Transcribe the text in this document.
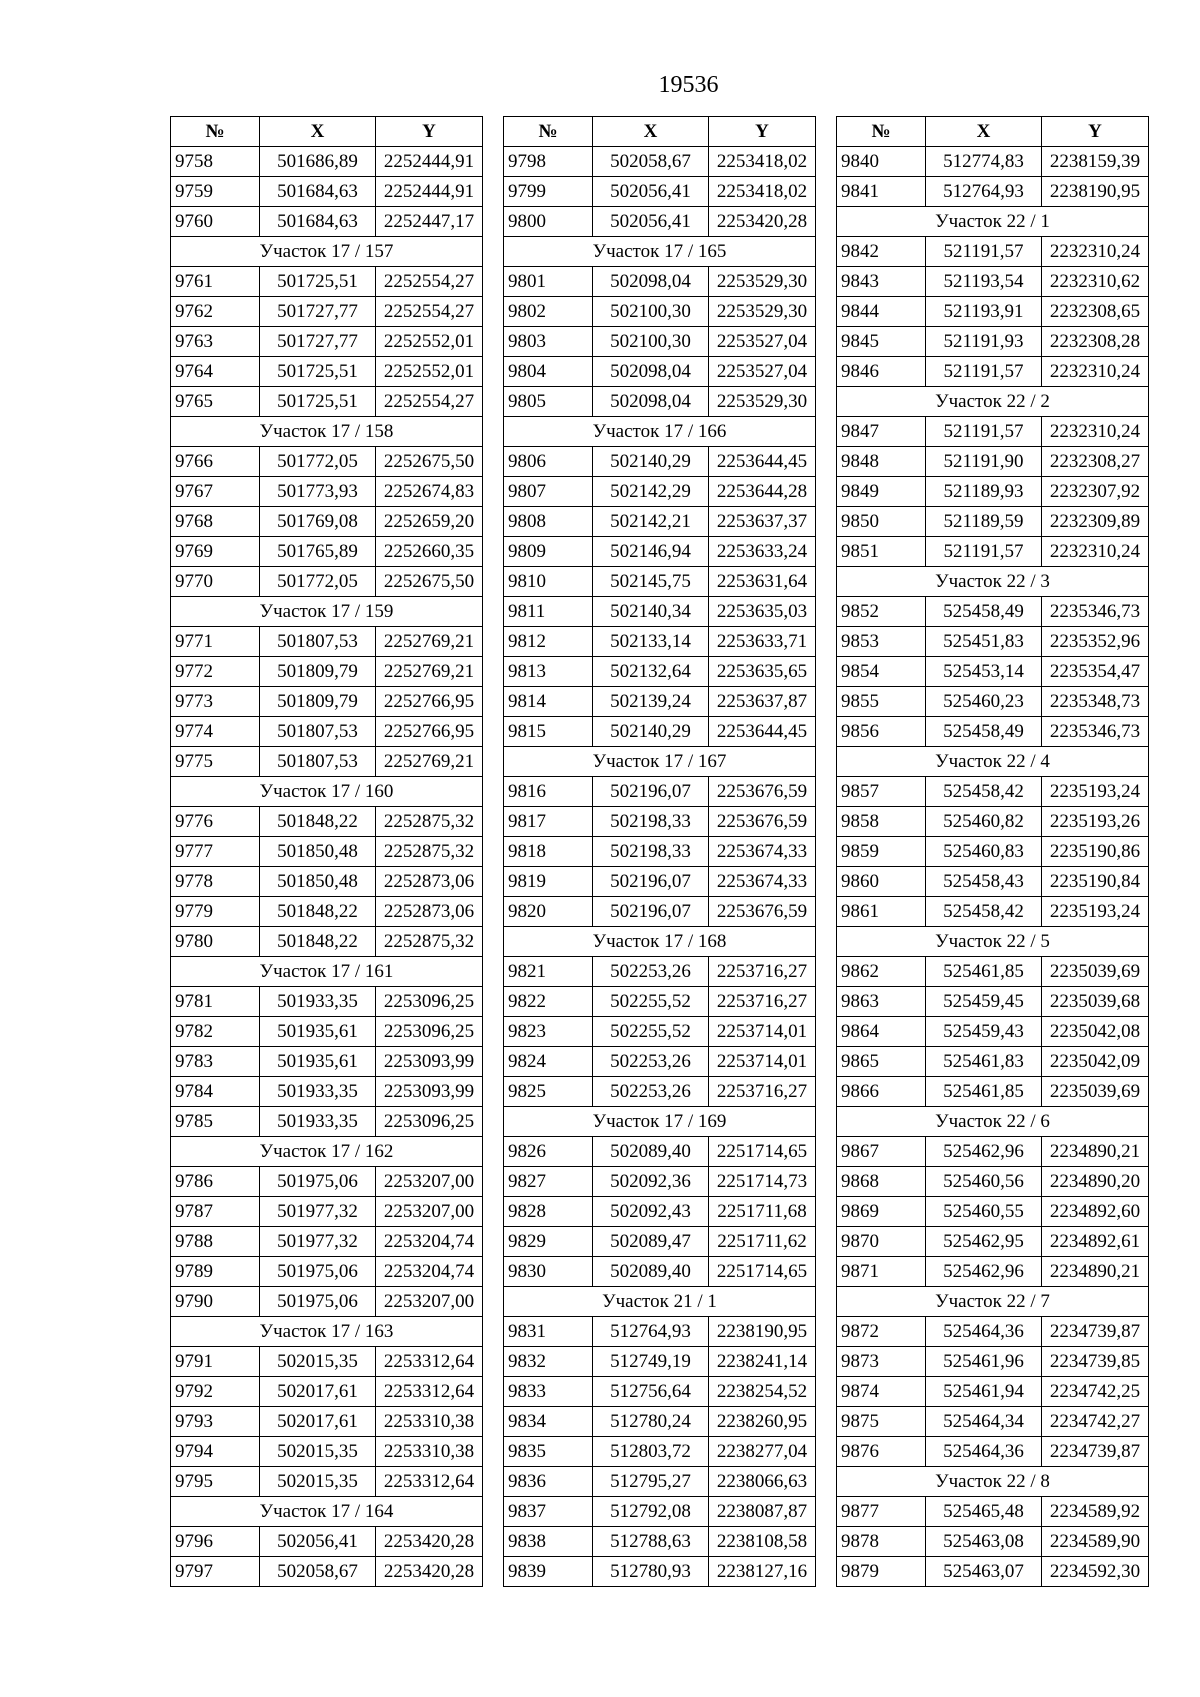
19536
№	X	Y
9758	501686,89	2252444,91
9759	501684,63	2252444,91
9760	501684,63	2252447,17
Участок 17 / 157		
9761	501725,51	2252554,27
9762	501727,77	2252554,27
9763	501727,77	2252552,01
9764	501725,51	2252552,01
9765	501725,51	2252554,27
Участок 17 / 158		
9766	501772,05	2252675,50
9767	501773,93	2252674,83
9768	501769,08	2252659,20
9769	501765,89	2252660,35
9770	501772,05	2252675,50
Участок 17 / 159		
9771	501807,53	2252769,21
9772	501809,79	2252769,21
9773	501809,79	2252766,95
9774	501807,53	2252766,95
9775	501807,53	2252769,21
Участок 17 / 160		
9776	501848,22	2252875,32
9777	501850,48	2252875,32
9778	501850,48	2252873,06
9779	501848,22	2252873,06
9780	501848,22	2252875,32
Участок 17 / 161		
9781	501933,35	2253096,25
9782	501935,61	2253096,25
9783	501935,61	2253093,99
9784	501933,35	2253093,99
9785	501933,35	2253096,25
Участок 17 / 162		
9786	501975,06	2253207,00
9787	501977,32	2253207,00
9788	501977,32	2253204,74
9789	501975,06	2253204,74
9790	501975,06	2253207,00
Участок 17 / 163		
9791	502015,35	2253312,64
9792	502017,61	2253312,64
9793	502017,61	2253310,38
9794	502015,35	2253310,38
9795	502015,35	2253312,64
Участок 17 / 164		
9796	502056,41	2253420,28
9797	502058,67	2253420,28
№	X	Y
9798	502058,67	2253418,02
9799	502056,41	2253418,02
9800	502056,41	2253420,28
Участок 17 / 165		
9801	502098,04	2253529,30
9802	502100,30	2253529,30
9803	502100,30	2253527,04
9804	502098,04	2253527,04
9805	502098,04	2253529,30
Участок 17 / 166		
9806	502140,29	2253644,45
9807	502142,29	2253644,28
9808	502142,21	2253637,37
9809	502146,94	2253633,24
9810	502145,75	2253631,64
9811	502140,34	2253635,03
9812	502133,14	2253633,71
9813	502132,64	2253635,65
9814	502139,24	2253637,87
9815	502140,29	2253644,45
Участок 17 / 167		
9816	502196,07	2253676,59
9817	502198,33	2253676,59
9818	502198,33	2253674,33
9819	502196,07	2253674,33
9820	502196,07	2253676,59
Участок 17 / 168		
9821	502253,26	2253716,27
9822	502255,52	2253716,27
9823	502255,52	2253714,01
9824	502253,26	2253714,01
9825	502253,26	2253716,27
Участок 17 / 169		
9826	502089,40	2251714,65
9827	502092,36	2251714,73
9828	502092,43	2251711,68
9829	502089,47	2251711,62
9830	502089,40	2251714,65
Участок 21 / 1		
9831	512764,93	2238190,95
9832	512749,19	2238241,14
9833	512756,64	2238254,52
9834	512780,24	2238260,95
9835	512803,72	2238277,04
9836	512795,27	2238066,63
9837	512792,08	2238087,87
9838	512788,63	2238108,58
9839	512780,93	2238127,16
№	X	Y
9840	512774,83	2238159,39
9841	512764,93	2238190,95
Участок 22 / 1		
9842	521191,57	2232310,24
9843	521193,54	2232310,62
9844	521193,91	2232308,65
9845	521191,93	2232308,28
9846	521191,57	2232310,24
Участок 22 / 2		
9847	521191,57	2232310,24
9848	521191,90	2232308,27
9849	521189,93	2232307,92
9850	521189,59	2232309,89
9851	521191,57	2232310,24
Участок 22 / 3		
9852	525458,49	2235346,73
9853	525451,83	2235352,96
9854	525453,14	2235354,47
9855	525460,23	2235348,73
9856	525458,49	2235346,73
Участок 22 / 4		
9857	525458,42	2235193,24
9858	525460,82	2235193,26
9859	525460,83	2235190,86
9860	525458,43	2235190,84
9861	525458,42	2235193,24
Участок 22 / 5		
9862	525461,85	2235039,69
9863	525459,45	2235039,68
9864	525459,43	2235042,08
9865	525461,83	2235042,09
9866	525461,85	2235039,69
Участок 22 / 6		
9867	525462,96	2234890,21
9868	525460,56	2234890,20
9869	525460,55	2234892,60
9870	525462,95	2234892,61
9871	525462,96	2234890,21
Участок 22 / 7		
9872	525464,36	2234739,87
9873	525461,96	2234739,85
9874	525461,94	2234742,25
9875	525464,34	2234742,27
9876	525464,36	2234739,87
Участок 22 / 8		
9877	525465,48	2234589,92
9878	525463,08	2234589,90
9879	525463,07	2234592,30
